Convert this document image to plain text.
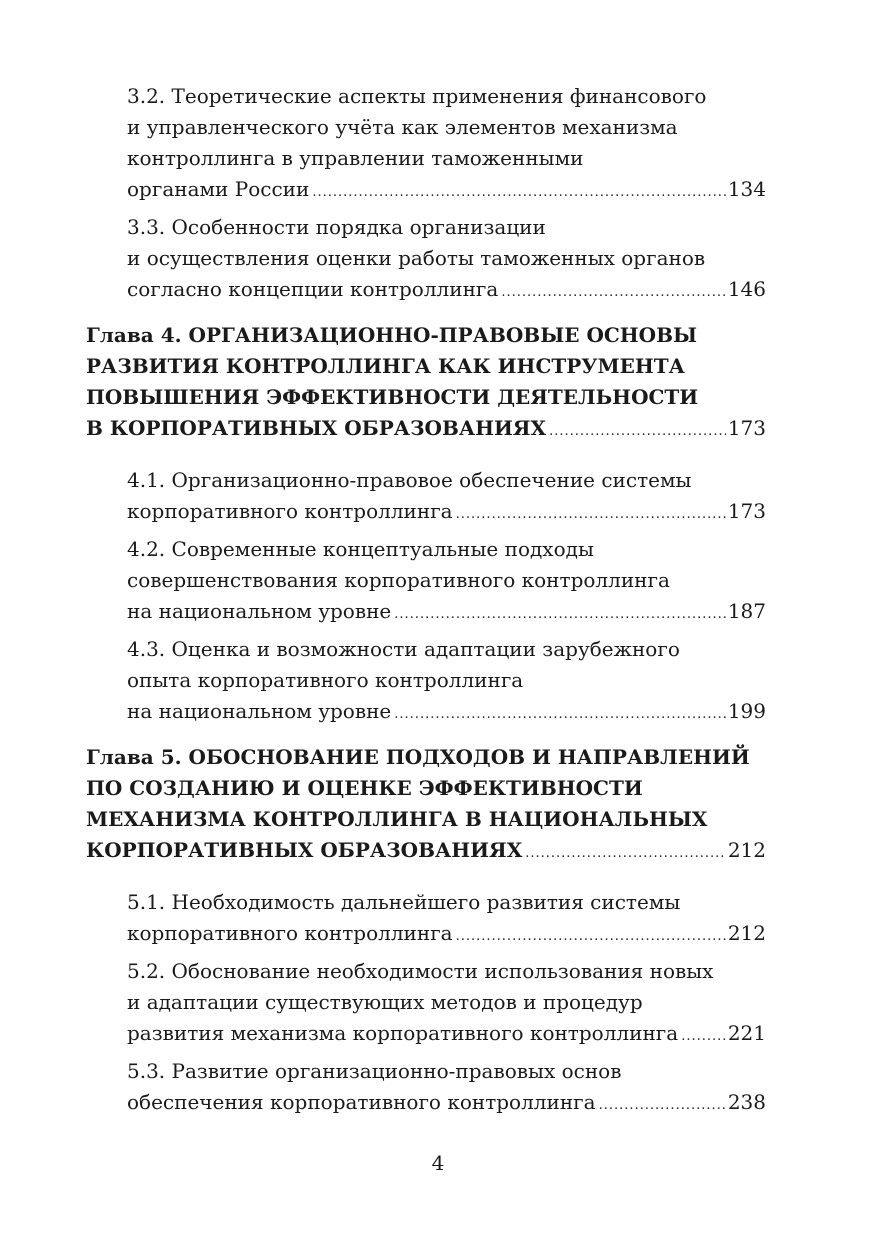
3.2. Теоретические аспекты применения финансового
и управленческого учёта как элементов механизма
контроллинга в управлении таможенными
органами России .....	134
3.3. Особенности порядка организации
и осуществления оценки работы таможенных органов
согласно концепции контроллинга .....	146
Глава 4. ОРГАНИЗАЦИОННО-ПРАВОВЫЕ ОСНОВЫ
РАЗВИТИЯ КОНТРОЛЛИНГА КАК ИНСТРУМЕНТА
ПОВЫШЕНИЯ ЭФФЕКТИВНОСТИ ДЕЯТЕЛЬНОСТИ
В КОРПОРАТИВНЫХ ОБРАЗОВАНИЯХ .....	173
4.1. Организационно-правовое обеспечение системы
корпоративного контроллинга .....	173
4.2. Современные концептуальные подходы
совершенствования корпоративного контроллинга
на национальном уровне .....	187
4.3. Оценка и возможности адаптации зарубежного
опыта корпоративного контроллинга
на национальном уровне .....	199
Глава 5. ОБОСНОВАНИЕ ПОДХОДОВ И НАПРАВЛЕНИЙ
ПО СОЗДАНИЮ И ОЦЕНКЕ ЭФФЕКТИВНОСТИ
МЕХАНИЗМА КОНТРОЛЛИНГА В НАЦИОНАЛЬНЫХ
КОРПОРАТИВНЫХ ОБРАЗОВАНИЯХ .....	212
5.1. Необходимость дальнейшего развития системы
корпоративного контроллинга .....	212
5.2. Обоснование необходимости использования новых
и адаптации существующих методов и процедур
развития механизма корпоративного контроллинга ..... 221
5.3. Развитие организационно-правовых основ
обеспечения корпоративного контроллинга .....	238
4
